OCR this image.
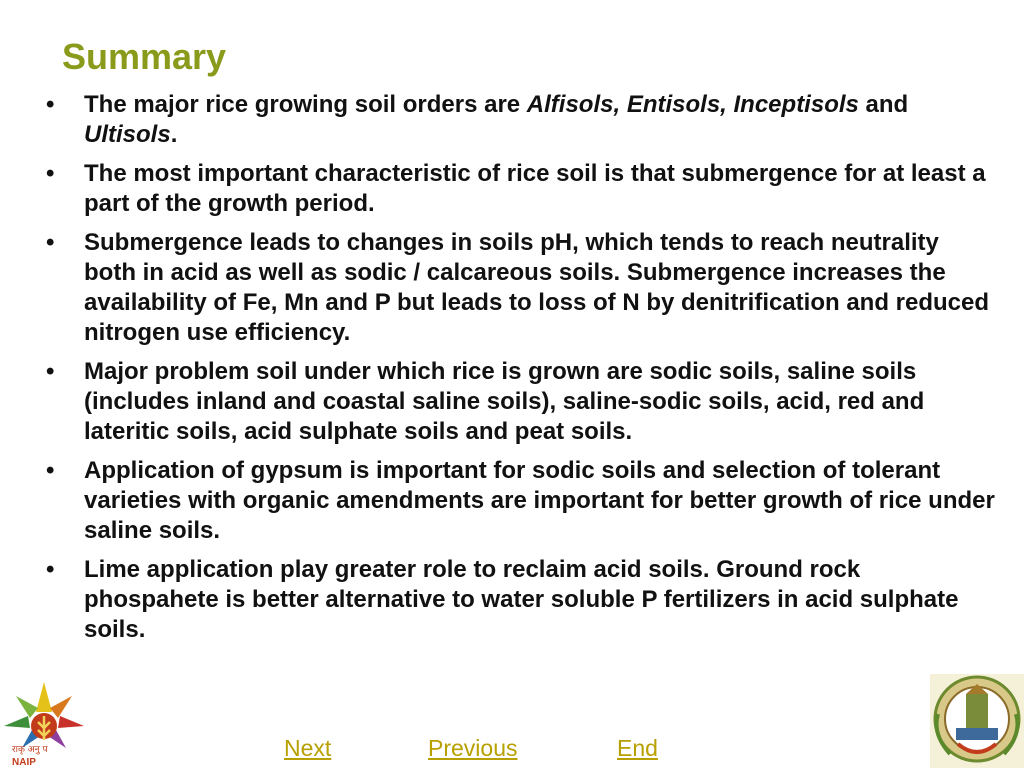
Summary
•	The major rice growing soil orders are Alfisols, Entisols, Inceptisols and Ultisols.
•	The most important characteristic of rice soil is that submergence for at least a part of the growth period.
•	Submergence leads to changes in soils pH, which tends to reach neutrality both in acid as well as sodic / calcareous soils. Submergence increases the availability of Fe, Mn and P but leads to loss of N by denitrification and reduced nitrogen use efficiency.
•	Major problem soil under which rice is grown are sodic soils, saline soils (includes inland and coastal saline soils), saline-sodic soils, acid, red and lateritic soils, acid sulphate soils and peat soils.
•	Application of gypsum is important for sodic soils and selection of tolerant varieties with organic amendments are important for better growth of rice under saline soils.
•	Lime application play greater role to reclaim acid soils. Ground rock phospahete is better alternative to water soluble P fertilizers in acid sulphate soils.
राकृ अनु प
NAIP
Next	Previous	End
